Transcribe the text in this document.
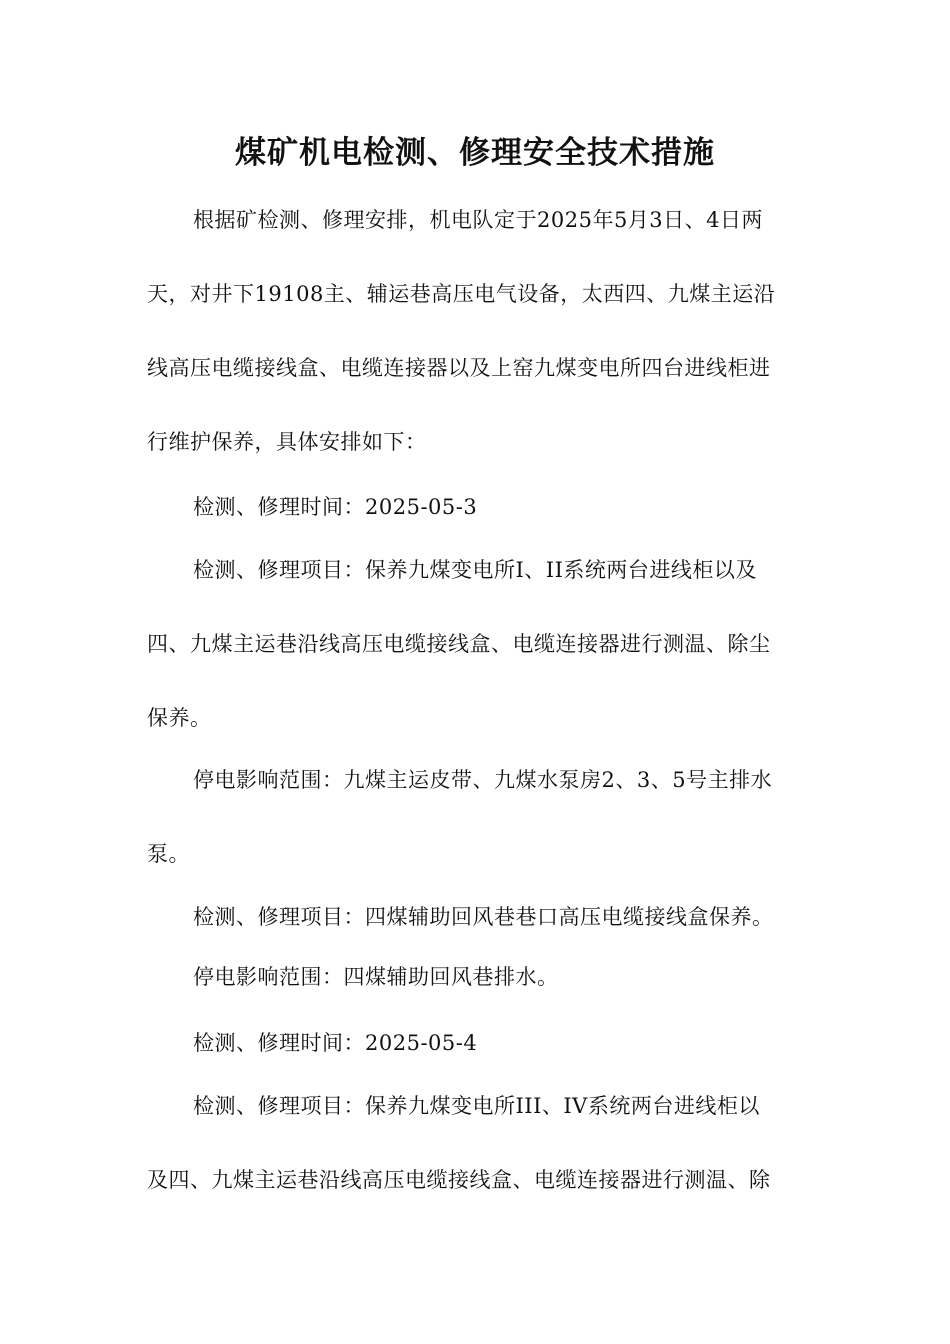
煤矿机电检测、修理安全技术措施
根据矿检测、修理安排，机电队定于2025年5月3日、4日两
天，对井下19108主、辅运巷高压电气设备，太西四、九煤主运沿
线高压电缆接线盒、电缆连接器以及上窑九煤变电所四台进线柜进
行维护保养，具体安排如下：
检测、修理时间：2025-05-3
检测、修理项目：保养九煤变电所I、II系统两台进线柜以及
四、九煤主运巷沿线高压电缆接线盒、电缆连接器进行测温、除尘
保养。
停电影响范围：九煤主运皮带、九煤水泵房2、3、5号主排水
泵。
检测、修理项目：四煤辅助回风巷巷口高压电缆接线盒保养。
停电影响范围：四煤辅助回风巷排水。
检测、修理时间：2025-05-4
检测、修理项目：保养九煤变电所III、IV系统两台进线柜以
及四、九煤主运巷沿线高压电缆接线盒、电缆连接器进行测温、除
